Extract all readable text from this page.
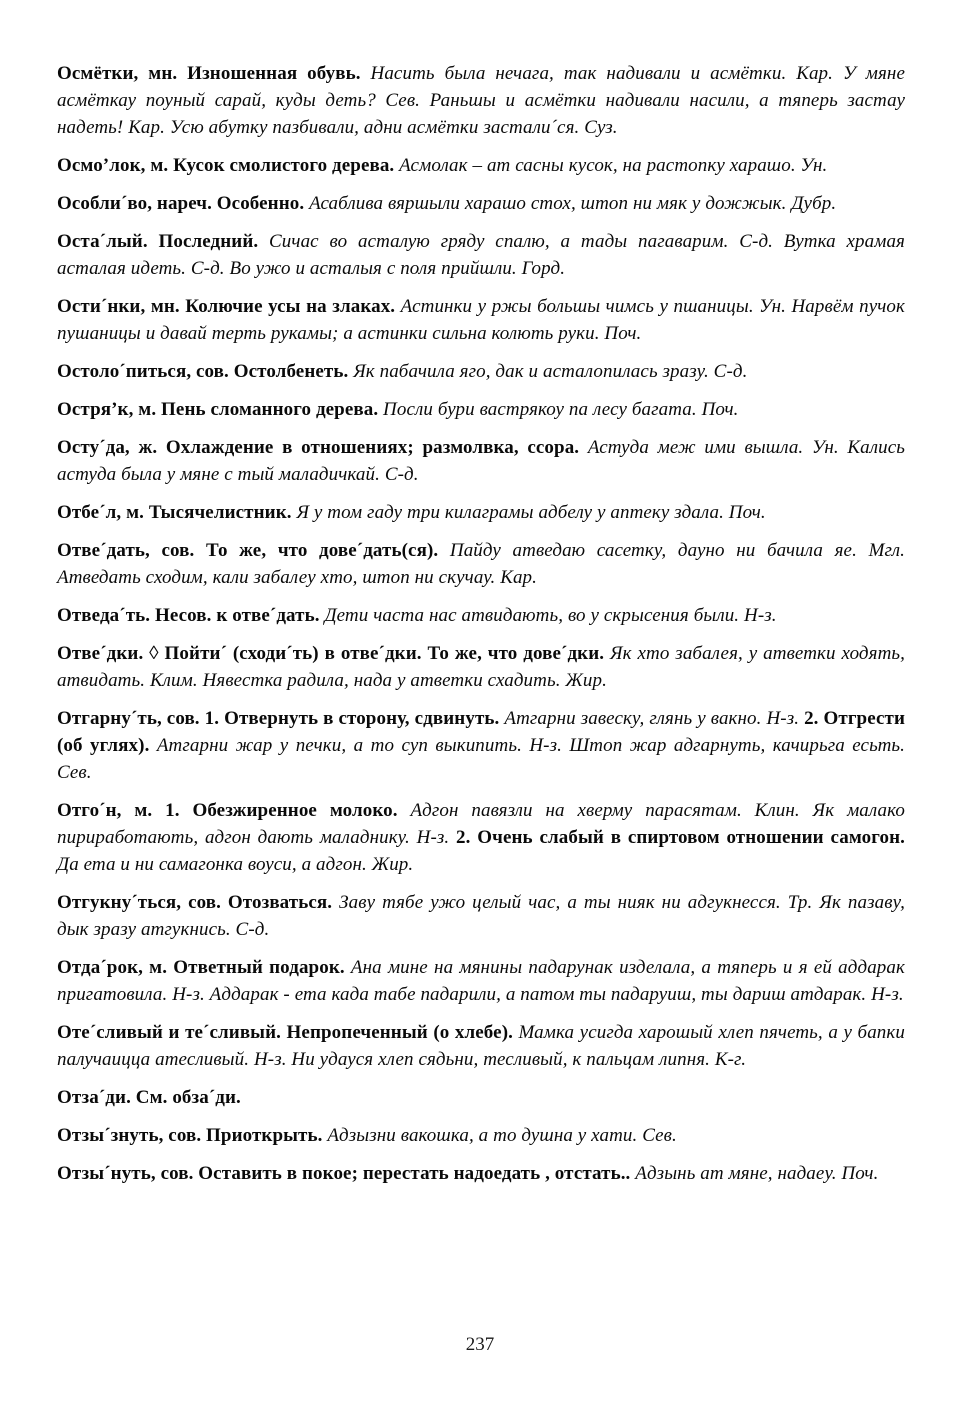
Осмётки, мн. Изношенная обувь. Насить была нечага, так надивали и асмётки. Кар. У мяне асмёткау поуный сарай, куды деть? Сев. Раньшы и асмётки надивали насили, а тяперь застау надеть! Кар. Усю абутку пазбивали, адни асмётки застали´ся. Суз.

Осмо’лок, м. Кусок смолистого дерева. Асмолак – ат сасны кусок, на растопку харашо. Ун.

Особли´во, нареч. Особенно. Асаблива вяршыли харашо стох, штоп ни мяк у дожжык. Дубр.

Оста´лый. Последний. Сичас во асталую гряду спалю, а тады пагаварим. С-д. Вутка храмая асталая идеть. С-д. Во ужо и асталыя с поля прийшли. Горд.

Ости´нки, мн. Колючие усы на злаках. Астинки у ржы большы чимсь у пшаницы. Ун. Нарвём пучок пушаницы и давай терть рукамы; а астинки сильна колють руки. Поч.

Остоло´питься, сов. Остолбенеть. Як пабачила яго, дак и асталопилась зразу. С-д.

Остря’к, м. Пень сломанного дерева. Посли бури вастрякоу па лесу багата. Поч.

Осту´да, ж. Охлаждение в отношениях; размолвка, ссора. Астуда меж ими вышла. Ун. Кались астуда была у мяне с тый маладичкай. С-д.

Отбе´л, м. Тысячелистник. Я у том гаду три килаграмы адбелу у аптеку здала. Поч.

Отве´дать, сов. То же, что дове´дать(ся). Пайду атведаю сасетку, дауно ни бачила яе. Мгл. Атведать сходим, кали забалеу хто, штоп ни скучау. Кар.

Отведа´ть. Несов. к отве´дать. Дети часта нас атвидають, во у скрысения были. Н-з.

Отве´дки. ◊ Пойти´ (сходи´ть) в отве´дки. То же, что дове´дки. Як хто забалея, у атветки ходять, атвидать. Клим. Нявестка радила, нада у атветки схадить. Жир.

Отгарну´ть, сов. 1. Отвернуть в сторону, сдвинуть. Атгарни завеску, глянь у вакно. Н-з. 2. Отгрести (об углях). Атгарни жар у печки, а то суп выкипить. Н-з. Штоп жар адгарнуть, качирьга есьть. Сев.

Отго´н, м. 1. Обезжиренное молоко. Адгон павязли на хверму парасятам. Клин. Як малако пириработають, адгон дають маладнику. Н-з. 2. Очень слабый в спиртовом отношении самогон. Да ета и ни самагонка воуси, а адгон. Жир.

Отгукну´ться, сов. Отозваться. Заву тябе ужо целый час, а ты нияк ни адгукнесся. Тр. Як пазаву, дык зразу атгукнись. С-д.

Отда´рок, м. Ответный подарок. Ана мине на мянины падарунак изделала, а тяперь и я ей аддарак пригатовила. Н-з. Аддарак - ета када табе падарили, а патом ты падаруиш, ты дариш атдарак. Н-з.

Оте´сливый и те´сливый. Непропеченный (о хлебе). Мамка усигда харошый хлеп пячеть, а у бапки палучаицца атесливый. Н-з. Ни удауся хлеп сядьни, тесливый, к пальцам липня. К-г.

Отза´ди. См. обза´ди.

Отзы´знуть, сов. Приоткрыть. Адзызни вакошка, а то душна у хати. Сев.

Отзы´нуть, сов. Оставить в покое; перестать надоедать , отстать.. Адзынь ат мяне, надаеу. Поч.

237
